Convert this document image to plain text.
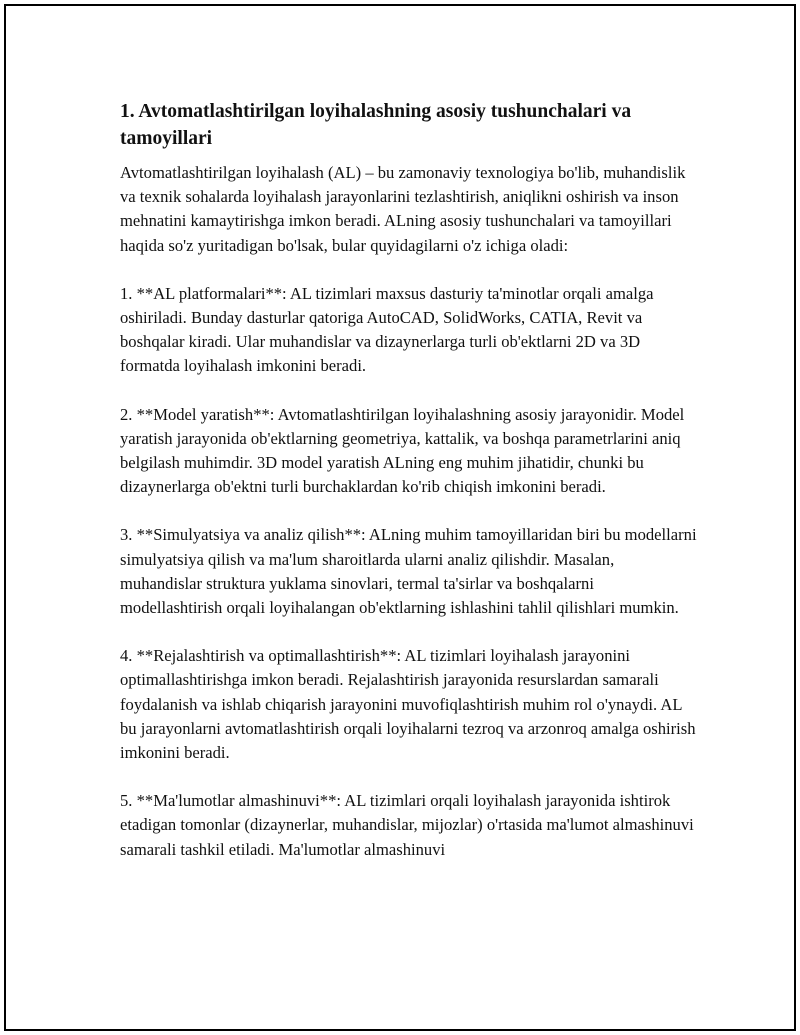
1. Avtomatlashtirilgan loyihalashning asosiy tushunchalari va tamoyillari

Avtomatlashtirilgan loyihalash (AL) – bu zamonaviy texnologiya bo'lib, muhandislik va texnik sohalarda loyihalash jarayonlarini tezlashtirish, aniqlikni oshirish va inson mehnatini kamaytirishga imkon beradi. ALning asosiy tushunchalari va tamoyillari haqida so'z yuritadigan bo'lsak, bular quyidagilarni o'z ichiga oladi:

1. **AL platformalari**: AL tizimlari maxsus dasturiy ta'minotlar orqali amalga oshiriladi. Bunday dasturlar qatoriga AutoCAD, SolidWorks, CATIA, Revit va boshqalar kiradi. Ular muhandislar va dizaynerlarga turli ob'ektlarni 2D va 3D formatda loyihalash imkonini beradi.

2. **Model yaratish**: Avtomatlashtirilgan loyihalashning asosiy jarayonidir. Model yaratish jarayonida ob'ektlarning geometriya, kattalik, va boshqa parametrlarini aniq belgilash muhimdir. 3D model yaratish ALning eng muhim jihatidir, chunki bu dizaynerlarga ob'ektni turli burchaklardan ko'rib chiqish imkonini beradi.

3. **Simulyatsiya va analiz qilish**: ALning muhim tamoyillaridan biri bu modellarni simulyatsiya qilish va ma'lum sharoitlarda ularni analiz qilishdir. Masalan, muhandislar struktura yuklama sinovlari, termal ta'sirlar va boshqalarni modellashtirish orqali loyihalangan ob'ektlarning ishlashini tahlil qilishlari mumkin.

4. **Rejalashtirish va optimallashtirish**: AL tizimlari loyihalash jarayonini optimallashtirishga imkon beradi. Rejalashtirish jarayonida resurslardan samarali foydalanish va ishlab chiqarish jarayonini muvofiqlashtirish muhim rol o'ynaydi. AL bu jarayonlarni avtomatlashtirish orqali loyihalarni tezroq va arzonroq amalga oshirish imkonini beradi.

5. **Ma'lumotlar almashinuvi**: AL tizimlari orqali loyihalash jarayonida ishtirok etadigan tomonlar (dizaynerlar, muhandislar, mijozlar) o'rtasida ma'lumot almashinuvi samarali tashkil etiladi. Ma'lumotlar almashinuvi
